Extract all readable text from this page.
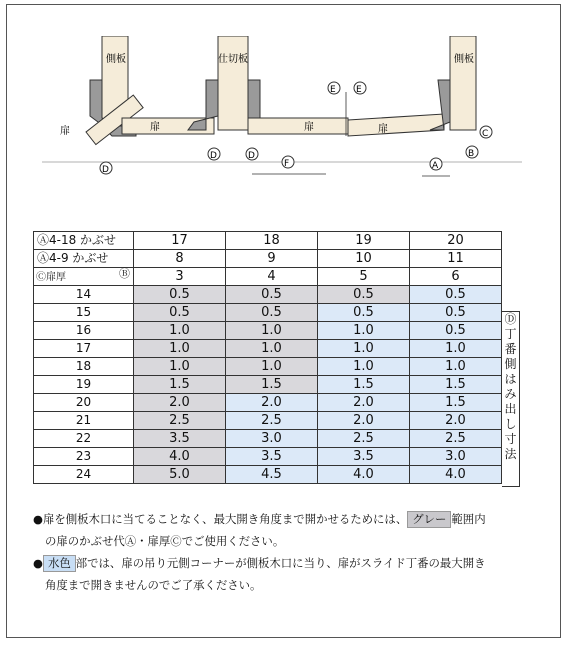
側板
扉	扉
仕切板
扉	扉
側板
D
D	D
F
E E
A
B
C
Ⓐ4-18 かぶせ	17	18	19	20
Ⓐ4-9 かぶせ	8	9	10	11

Ⓒ扉厚 Ⓑ	3	4	5	6
14	0.5	0.5	0.5	0.5
15	0.5	0.5	0.5	0.5
16	1.0	1.0	1.0	0.5
17	1.0	1.0	1.0	1.0
18	1.0	1.0	1.0	1.0
19	1.5	1.5	1.5	1.5
20	2.0	2.0	2.0	1.5
21	2.5	2.5	2.0	2.0
22	3.5	3.0	2.5	2.5
23	4.0	3.5	3.5	3.0
24	5.0	4.5	4.0	4.0
Ⓓ
丁
番
側
は
み
出
し
寸
法
●扉を側板木口に当てることなく、最大開き角度まで開かせるためには、 グレー 範囲内
の扉のかぶせ代Ⓐ・扉厚Ⓒでご使用ください。
● 水色 部では、扉の吊り元側コーナーが側板木口に当り、扉がスライド丁番の最大開き
角度まで開きませんのでご了承ください。
